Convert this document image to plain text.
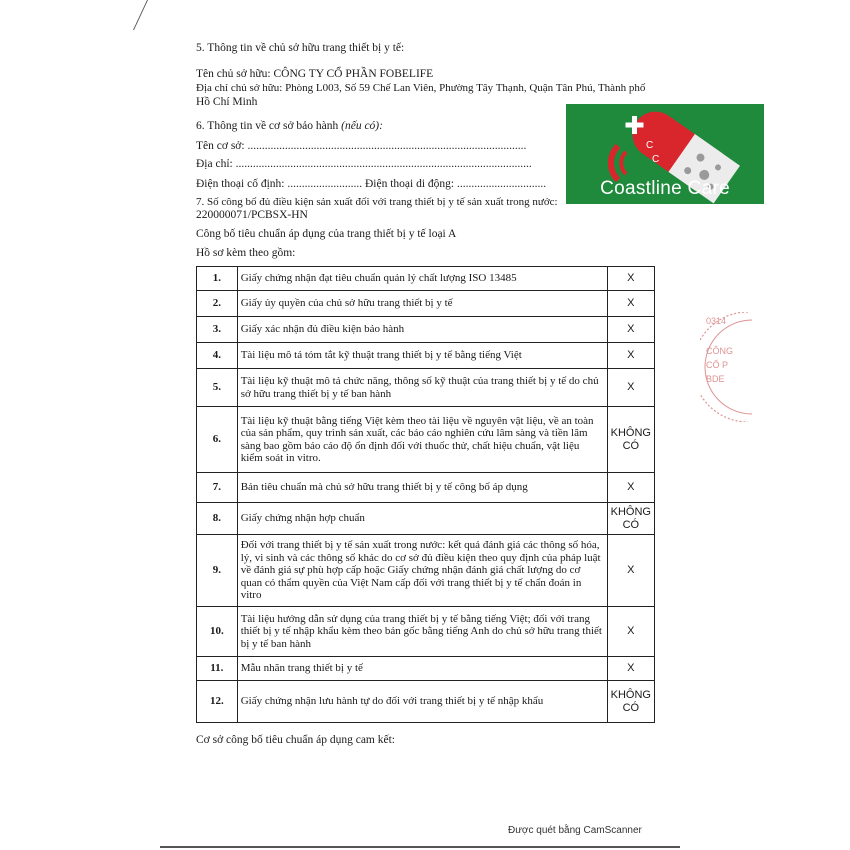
5. Thông tin về chủ sở hữu trang thiết bị y tế:
Tên chủ sở hữu: CÔNG TY CỔ PHẦN FOBELIFE
Địa chỉ chủ sở hữu: Phòng L003, Số 59 Chế Lan Viên, Phường Tây Thạnh, Quận Tân Phú, Thành phố
Hồ Chí Minh
6. Thông tin về cơ sở bảo hành (nếu có):
Tên cơ sở: .................................................................................................
Địa chỉ: .......................................................................................................
Điện thoại cố định: .......................... Điện thoại di động: ...............................
7. Số công bố đủ điều kiện sản xuất đối với trang thiết bị y tế sản xuất trong nước:
220000071/PCBSX-HN
Công bố tiêu chuẩn áp dụng của trang thiết bị y tế loại A
Hồ sơ kèm theo gồm:
C
C
Coastline Care
0314
CÔNG
CỔ P
BDE
1.	Giấy chứng nhận đạt tiêu chuẩn quản lý chất lượng ISO 13485	X
2.	Giấy ủy quyền của chủ sở hữu trang thiết bị y tế	X
3.	Giấy xác nhận đủ điều kiện bảo hành	X
4.	Tài liệu mô tả tóm tắt kỹ thuật trang thiết bị y tế bằng tiếng Việt	X
5.	Tài liệu kỹ thuật mô tả chức năng, thông số kỹ thuật của trang thiết bị y tế do chủ sở hữu trang thiết bị y tế ban hành	X
6.	Tài liệu kỹ thuật bằng tiếng Việt kèm theo tài liệu về nguyên vật liệu, về an toàn của sản phẩm, quy trình sản xuất, các báo cáo nghiên cứu lâm sàng và tiền lâm sàng bao gồm báo cáo độ ổn định đối với thuốc thử, chất hiệu chuẩn, vật liệu kiểm soát in vitro.	KHÔNG CÓ
7.	Bản tiêu chuẩn mà chủ sở hữu trang thiết bị y tế công bố áp dụng	X
8.	Giấy chứng nhận hợp chuẩn	KHÔNG CÓ
9.	Đối với trang thiết bị y tế sản xuất trong nước: kết quả đánh giá các thông số hóa, lý, vi sinh và các thông số khác do cơ sở đủ điều kiện theo quy định của pháp luật về đánh giá sự phù hợp cấp hoặc Giấy chứng nhận đánh giá chất lượng do cơ quan có thẩm quyền của Việt Nam cấp đối với trang thiết bị y tế chẩn đoán in vitro	X
10.	Tài liệu hướng dẫn sử dụng của trang thiết bị y tế bằng tiếng Việt; đối với trang thiết bị y tế nhập khẩu kèm theo bản gốc bằng tiếng Anh do chủ sở hữu trang thiết bị y tế ban hành	X
11.	Mẫu nhãn trang thiết bị y tế	X
12.	Giấy chứng nhận lưu hành tự do đối với trang thiết bị y tế nhập khẩu	KHÔNG CÓ
Cơ sở công bố tiêu chuẩn áp dụng cam kết:
Được quét bằng CamScanner
